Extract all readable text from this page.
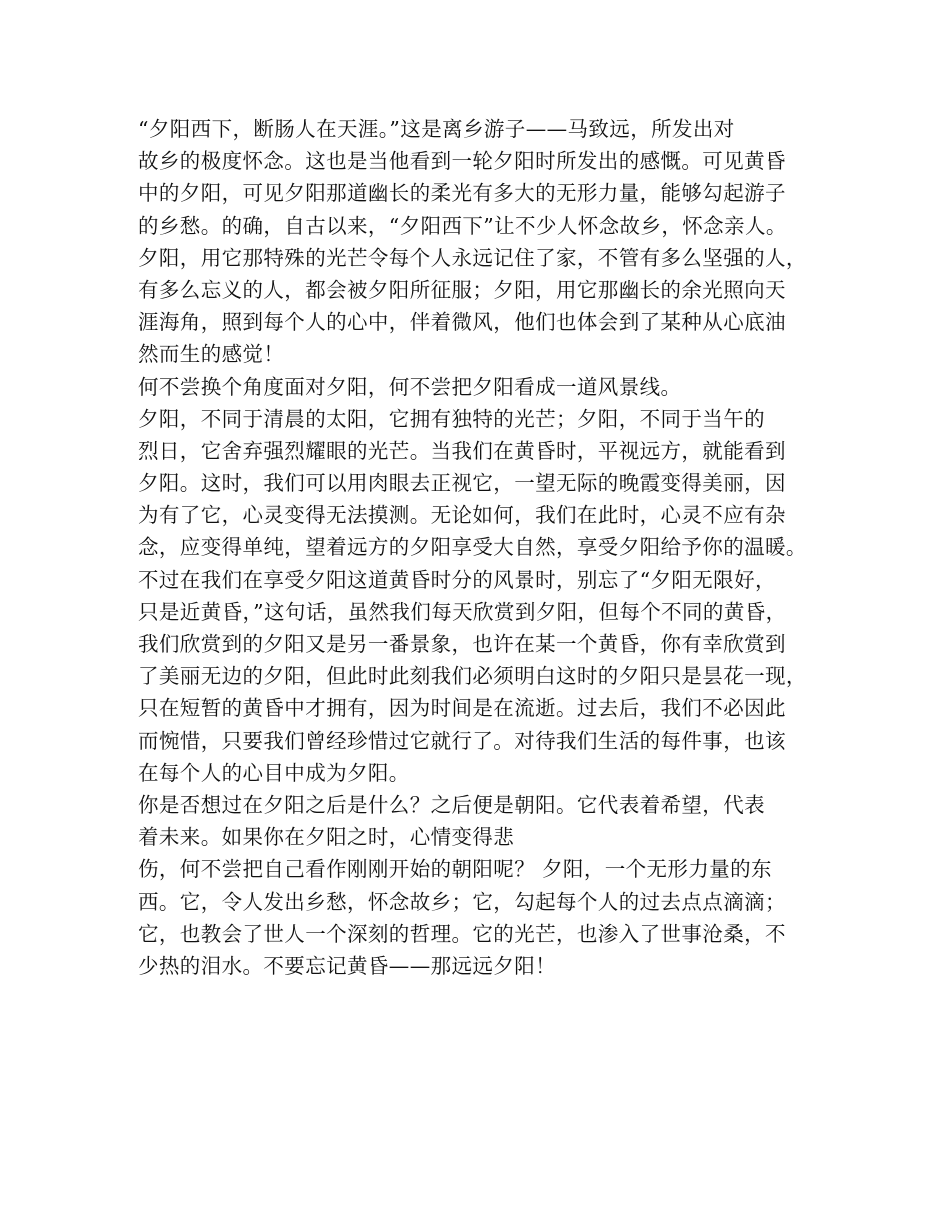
“夕阳西下，断肠人在天涯。”这是离乡游子——马致远，所发出对
故乡的极度怀念。这也是当他看到一轮夕阳时所发出的感慨。可见黄昏
中的夕阳，可见夕阳那道幽长的柔光有多大的无形力量，能够勾起游子
的乡愁。的确，自古以来，“夕阳西下”让不少人怀念故乡，怀念亲人。
夕阳，用它那特殊的光芒令每个人永远记住了家，不管有多么坚强的人，
有多么忘义的人，都会被夕阳所征服；夕阳，用它那幽长的余光照向天
涯海角，照到每个人的心中，伴着微风，他们也体会到了某种从心底油
然而生的感觉！
何不尝换个角度面对夕阳，何不尝把夕阳看成一道风景线。
夕阳，不同于清晨的太阳，它拥有独特的光芒；夕阳，不同于当午的
烈日，它舍弃强烈耀眼的光芒。当我们在黄昏时，平视远方，就能看到
夕阳。这时，我们可以用肉眼去正视它，一望无际的晚霞变得美丽，因
为有了它，心灵变得无法摸测。无论如何，我们在此时，心灵不应有杂
念，应变得单纯，望着远方的夕阳享受大自然，享受夕阳给予你的温暖。
不过在我们在享受夕阳这道黄昏时分的风景时，别忘了“夕阳无限好，
只是近黄昏，”这句话，虽然我们每天欣赏到夕阳，但每个不同的黄昏，
我们欣赏到的夕阳又是另一番景象，也许在某一个黄昏，你有幸欣赏到
了美丽无边的夕阳，但此时此刻我们必须明白这时的夕阳只是昙花一现，
只在短暂的黄昏中才拥有，因为时间是在流逝。过去后，我们不必因此
而惋惜，只要我们曾经珍惜过它就行了。对待我们生活的每件事，也该
在每个人的心目中成为夕阳。
你是否想过在夕阳之后是什么？之后便是朝阳。它代表着希望，代表
着未来。如果你在夕阳之时，心情变得悲
伤，何不尝把自己看作刚刚开始的朝阳呢？ 夕阳，一个无形力量的东
西。它，令人发出乡愁，怀念故乡；它，勾起每个人的过去点点滴滴；
它，也教会了世人一个深刻的哲理。它的光芒，也渗入了世事沧桑，不
少热的泪水。不要忘记黄昏——那远远夕阳！
